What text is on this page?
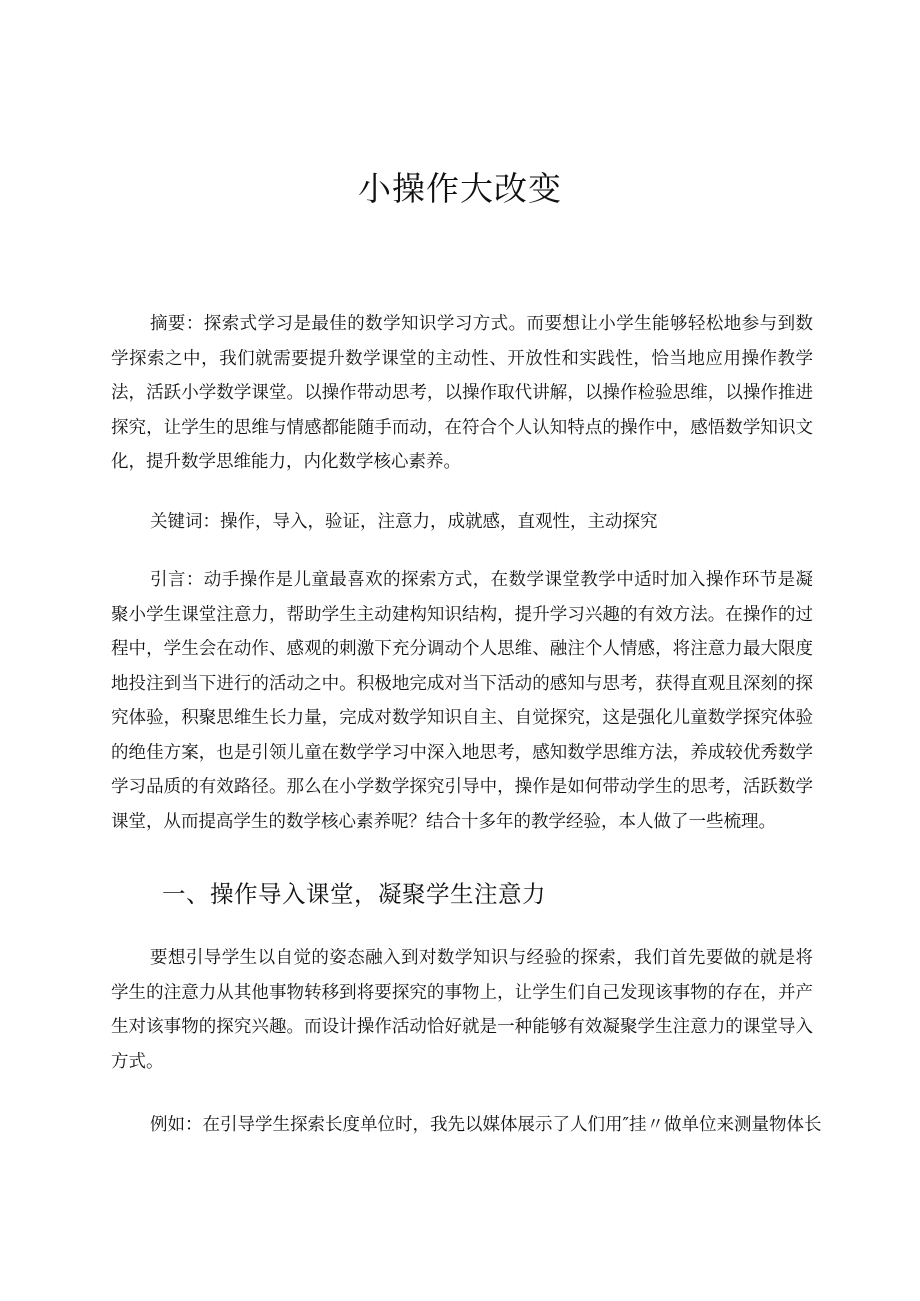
小操作大改变

摘要：探索式学习是最佳的数学知识学习方式。而要想让小学生能够轻松地参与到数学探索之中，我们就需要提升数学课堂的主动性、开放性和实践性，恰当地应用操作教学法，活跃小学数学课堂。以操作带动思考，以操作取代讲解，以操作检验思维，以操作推进探究，让学生的思维与情感都能随手而动，在符合个人认知特点的操作中，感悟数学知识文化，提升数学思维能力，内化数学核心素养。

关键词：操作，导入，验证，注意力，成就感，直观性，主动探究

引言：动手操作是儿童最喜欢的探索方式，在数学课堂教学中适时加入操作环节是凝聚小学生课堂注意力，帮助学生主动建构知识结构，提升学习兴趣的有效方法。在操作的过程中，学生会在动作、感观的刺激下充分调动个人思维、融注个人情感，将注意力最大限度地投注到当下进行的活动之中。积极地完成对当下活动的感知与思考，获得直观且深刻的探究体验，积聚思维生长力量，完成对数学知识自主、自觉探究，这是强化儿童数学探究体验的绝佳方案，也是引领儿童在数学学习中深入地思考，感知数学思维方法，养成较优秀数学学习品质的有效路径。那么在小学数学探究引导中，操作是如何带动学生的思考，活跃数学课堂，从而提高学生的数学核心素养呢？结合十多年的教学经验，本人做了一些梳理。

一、操作导入课堂，凝聚学生注意力

要想引导学生以自觉的姿态融入到对数学知识与经验的探索，我们首先要做的就是将学生的注意力从其他事物转移到将要探究的事物上，让学生们自己发现该事物的存在，并产生对该事物的探究兴趣。而设计操作活动恰好就是一种能够有效凝聚学生注意力的课堂导入方式。

例如：在引导学生探索长度单位时，我先以媒体展示了人们用″挂〃做单位来测量物体长
